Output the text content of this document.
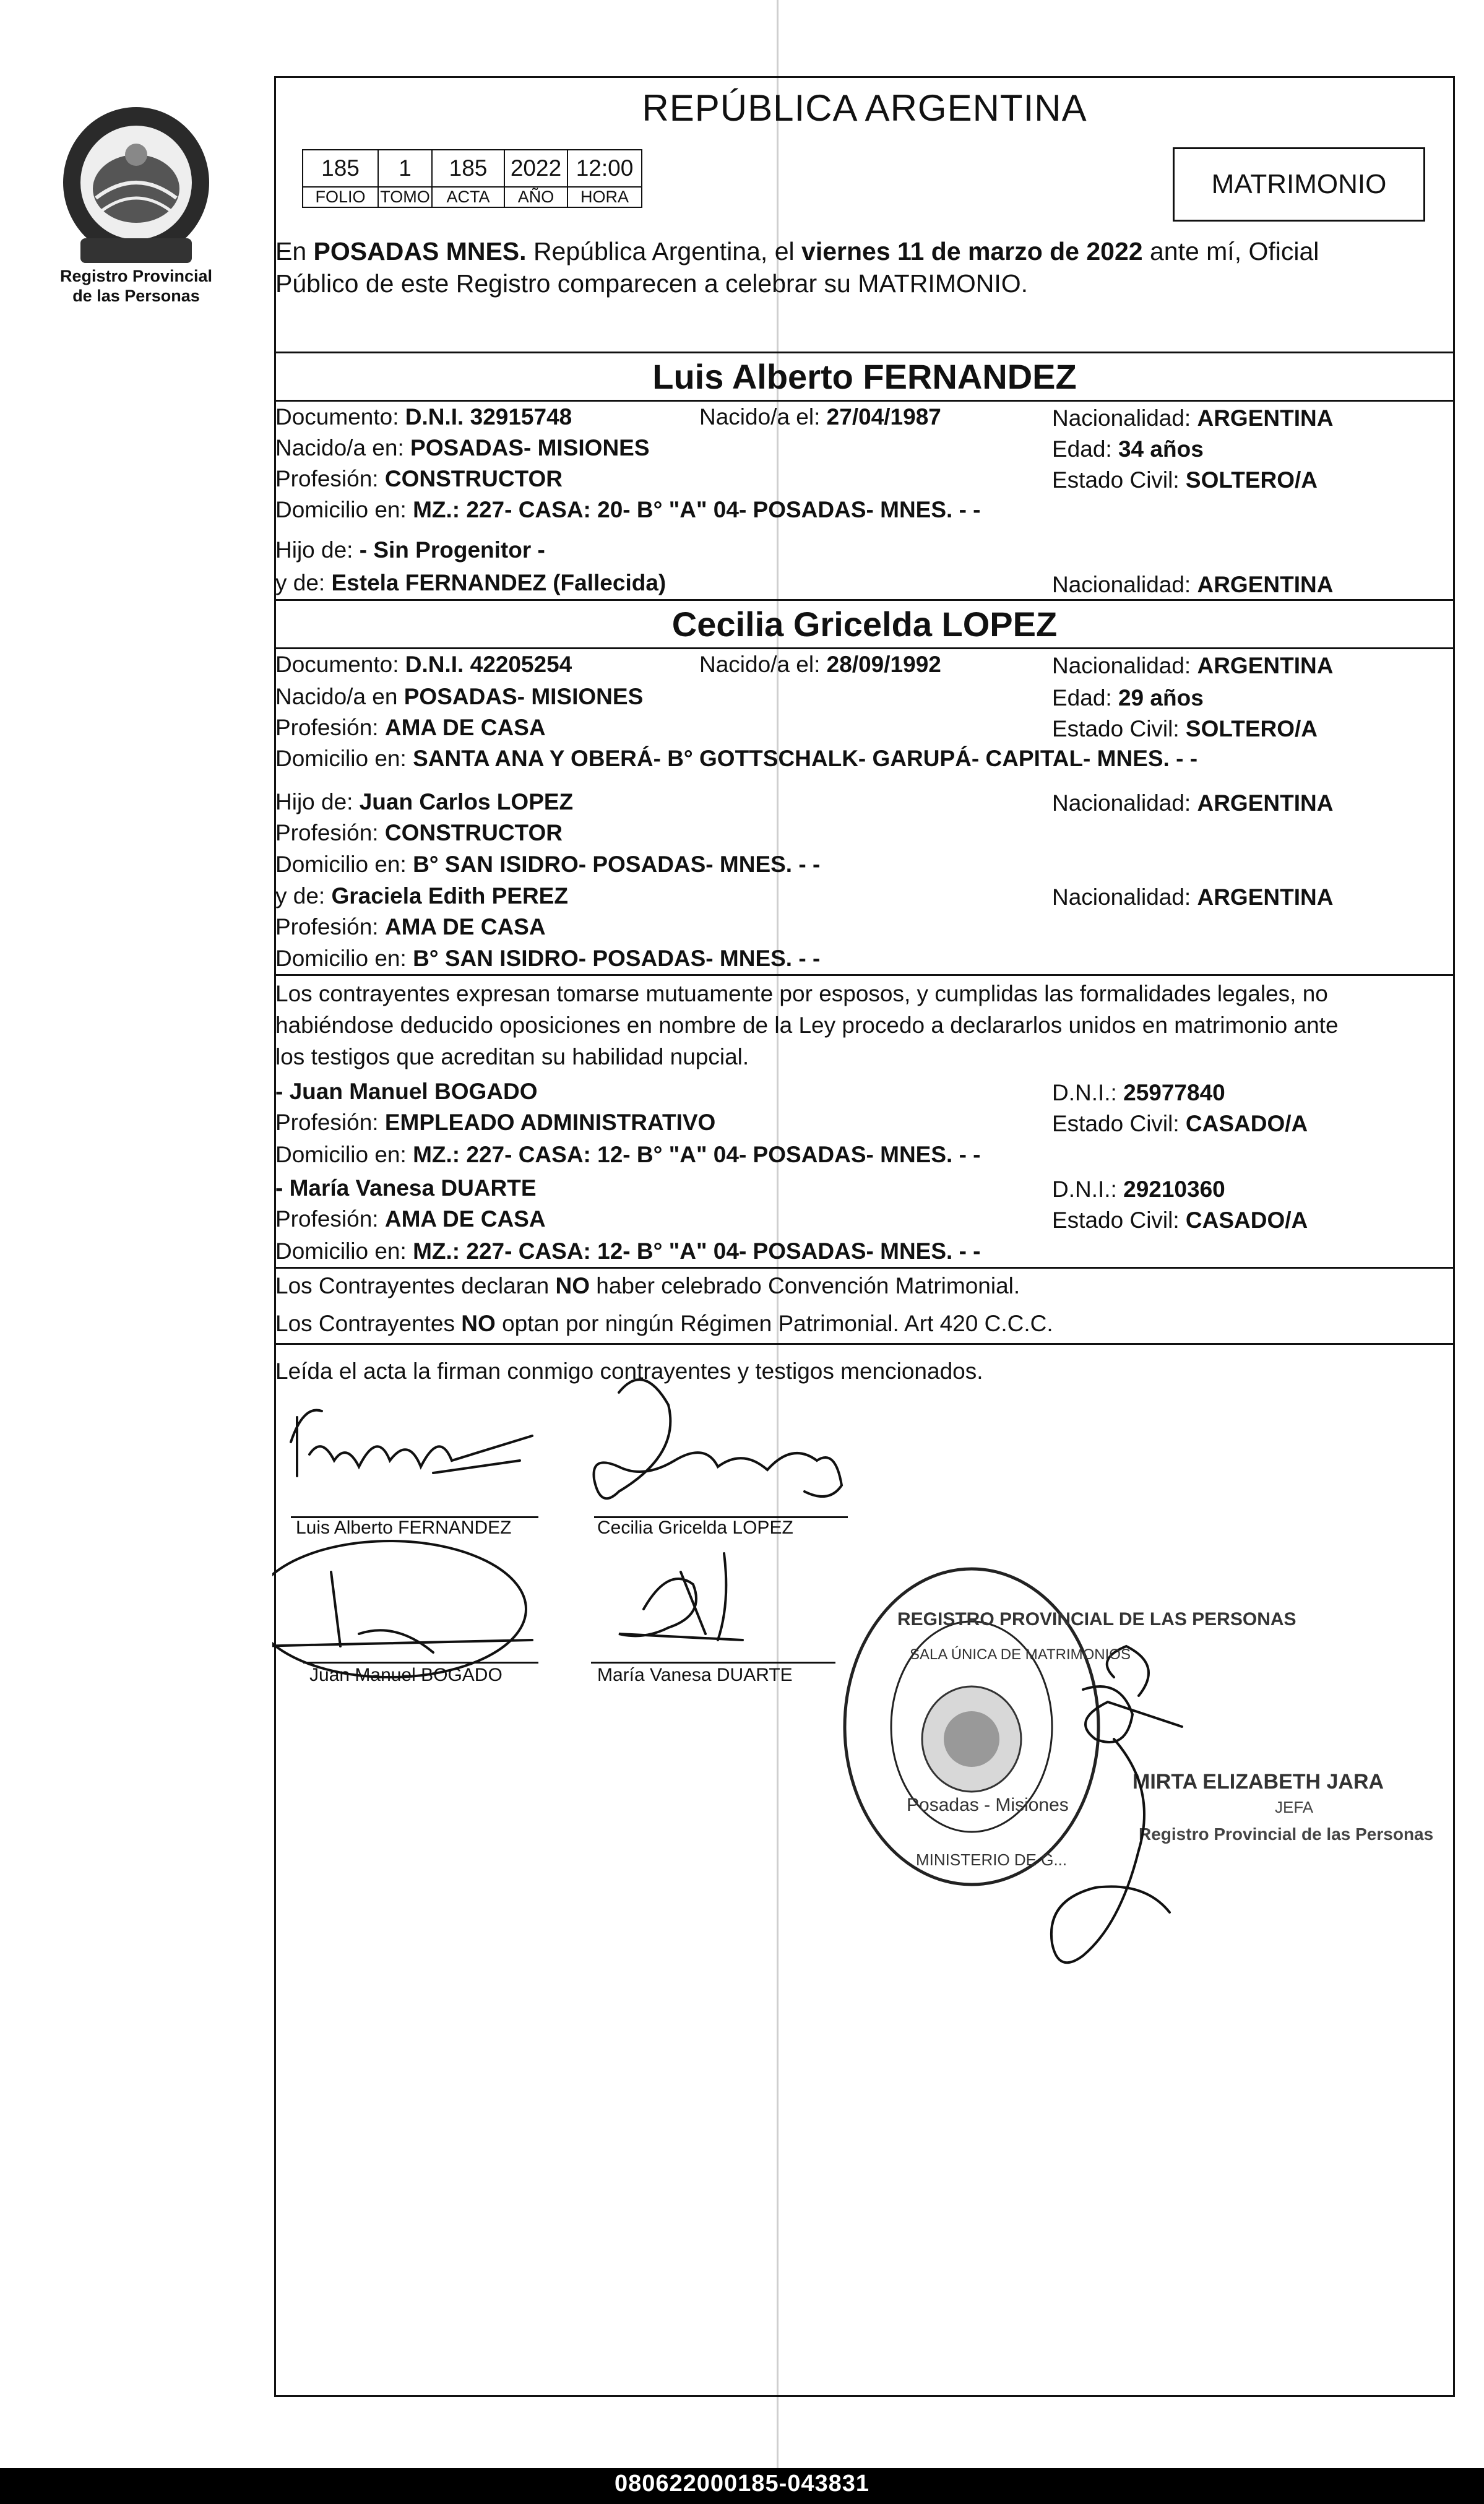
Registro Provincial
de las Personas
REPÚBLICA ARGENTINA
185	1	185	2022	12:00
FOLIO	TOMO	ACTA	AÑO	HORA	MATRIMONIO
En POSADAS MNES. República Argentina, el viernes 11 de marzo de 2022 ante mí, Oficial
Público de este Registro comparecen a celebrar su MATRIMONIO.
Luis Alberto FERNANDEZ
Documento: D.N.I. 32915748	Nacido/a el: 27/04/1987	Nacionalidad: ARGENTINA
Nacido/a en: POSADAS- MISIONES	Edad: 34 años
Profesión: CONSTRUCTOR	Estado Civil: SOLTERO/A
Domicilio en: MZ.: 227- CASA: 20- B° "A" 04- POSADAS- MNES. - -
Hijo de: - Sin Progenitor -
y de: Estela FERNANDEZ (Fallecida)	Nacionalidad: ARGENTINA
Cecilia Gricelda LOPEZ
Documento: D.N.I. 42205254	Nacido/a el: 28/09/1992	Nacionalidad: ARGENTINA
Nacido/a en POSADAS- MISIONES	Edad: 29 años
Profesión: AMA DE CASA	Estado Civil: SOLTERO/A
Domicilio en: SANTA ANA Y OBERÁ- B° GOTTSCHALK- GARUPÁ- CAPITAL- MNES. - -
Hijo de: Juan Carlos LOPEZ	Nacionalidad: ARGENTINA
Profesión: CONSTRUCTOR
Domicilio en: B° SAN ISIDRO- POSADAS- MNES. - -
y de: Graciela Edith PEREZ	Nacionalidad: ARGENTINA
Profesión: AMA DE CASA
Domicilio en: B° SAN ISIDRO- POSADAS- MNES. - -
Los contrayentes expresan tomarse mutuamente por esposos, y cumplidas las formalidades legales, no
habiéndose deducido oposiciones en nombre de la Ley procedo a declararlos unidos en matrimonio ante
los testigos que acreditan su habilidad nupcial.
- Juan Manuel BOGADO	D.N.I.: 25977840
Profesión: EMPLEADO ADMINISTRATIVO	Estado Civil: CASADO/A
Domicilio en: MZ.: 227- CASA: 12- B° "A" 04- POSADAS- MNES. - -
- María Vanesa DUARTE	D.N.I.: 29210360
Profesión: AMA DE CASA	Estado Civil: CASADO/A
Domicilio en: MZ.: 227- CASA: 12- B° "A" 04- POSADAS- MNES. - -
Los Contrayentes declaran NO haber celebrado Convención Matrimonial.
Los Contrayentes NO optan por ningún Régimen Patrimonial. Art 420 C.C.C.
Leída el acta la firman conmigo contrayentes y testigos mencionados.
Luis Alberto FERNANDEZ	Cecilia Gricelda LOPEZ
Juan Manuel BOGADO	María Vanesa DUARTE
REGISTRO PROVINCIAL DE LAS PERSONAS
SALA ÚNICA DE MATRIMONIOS
Posadas - Misiones
MINISTERIO DE G...
MIRTA ELIZABETH JARA
JEFA
Registro Provincial de las Personas
080622000185-043831
